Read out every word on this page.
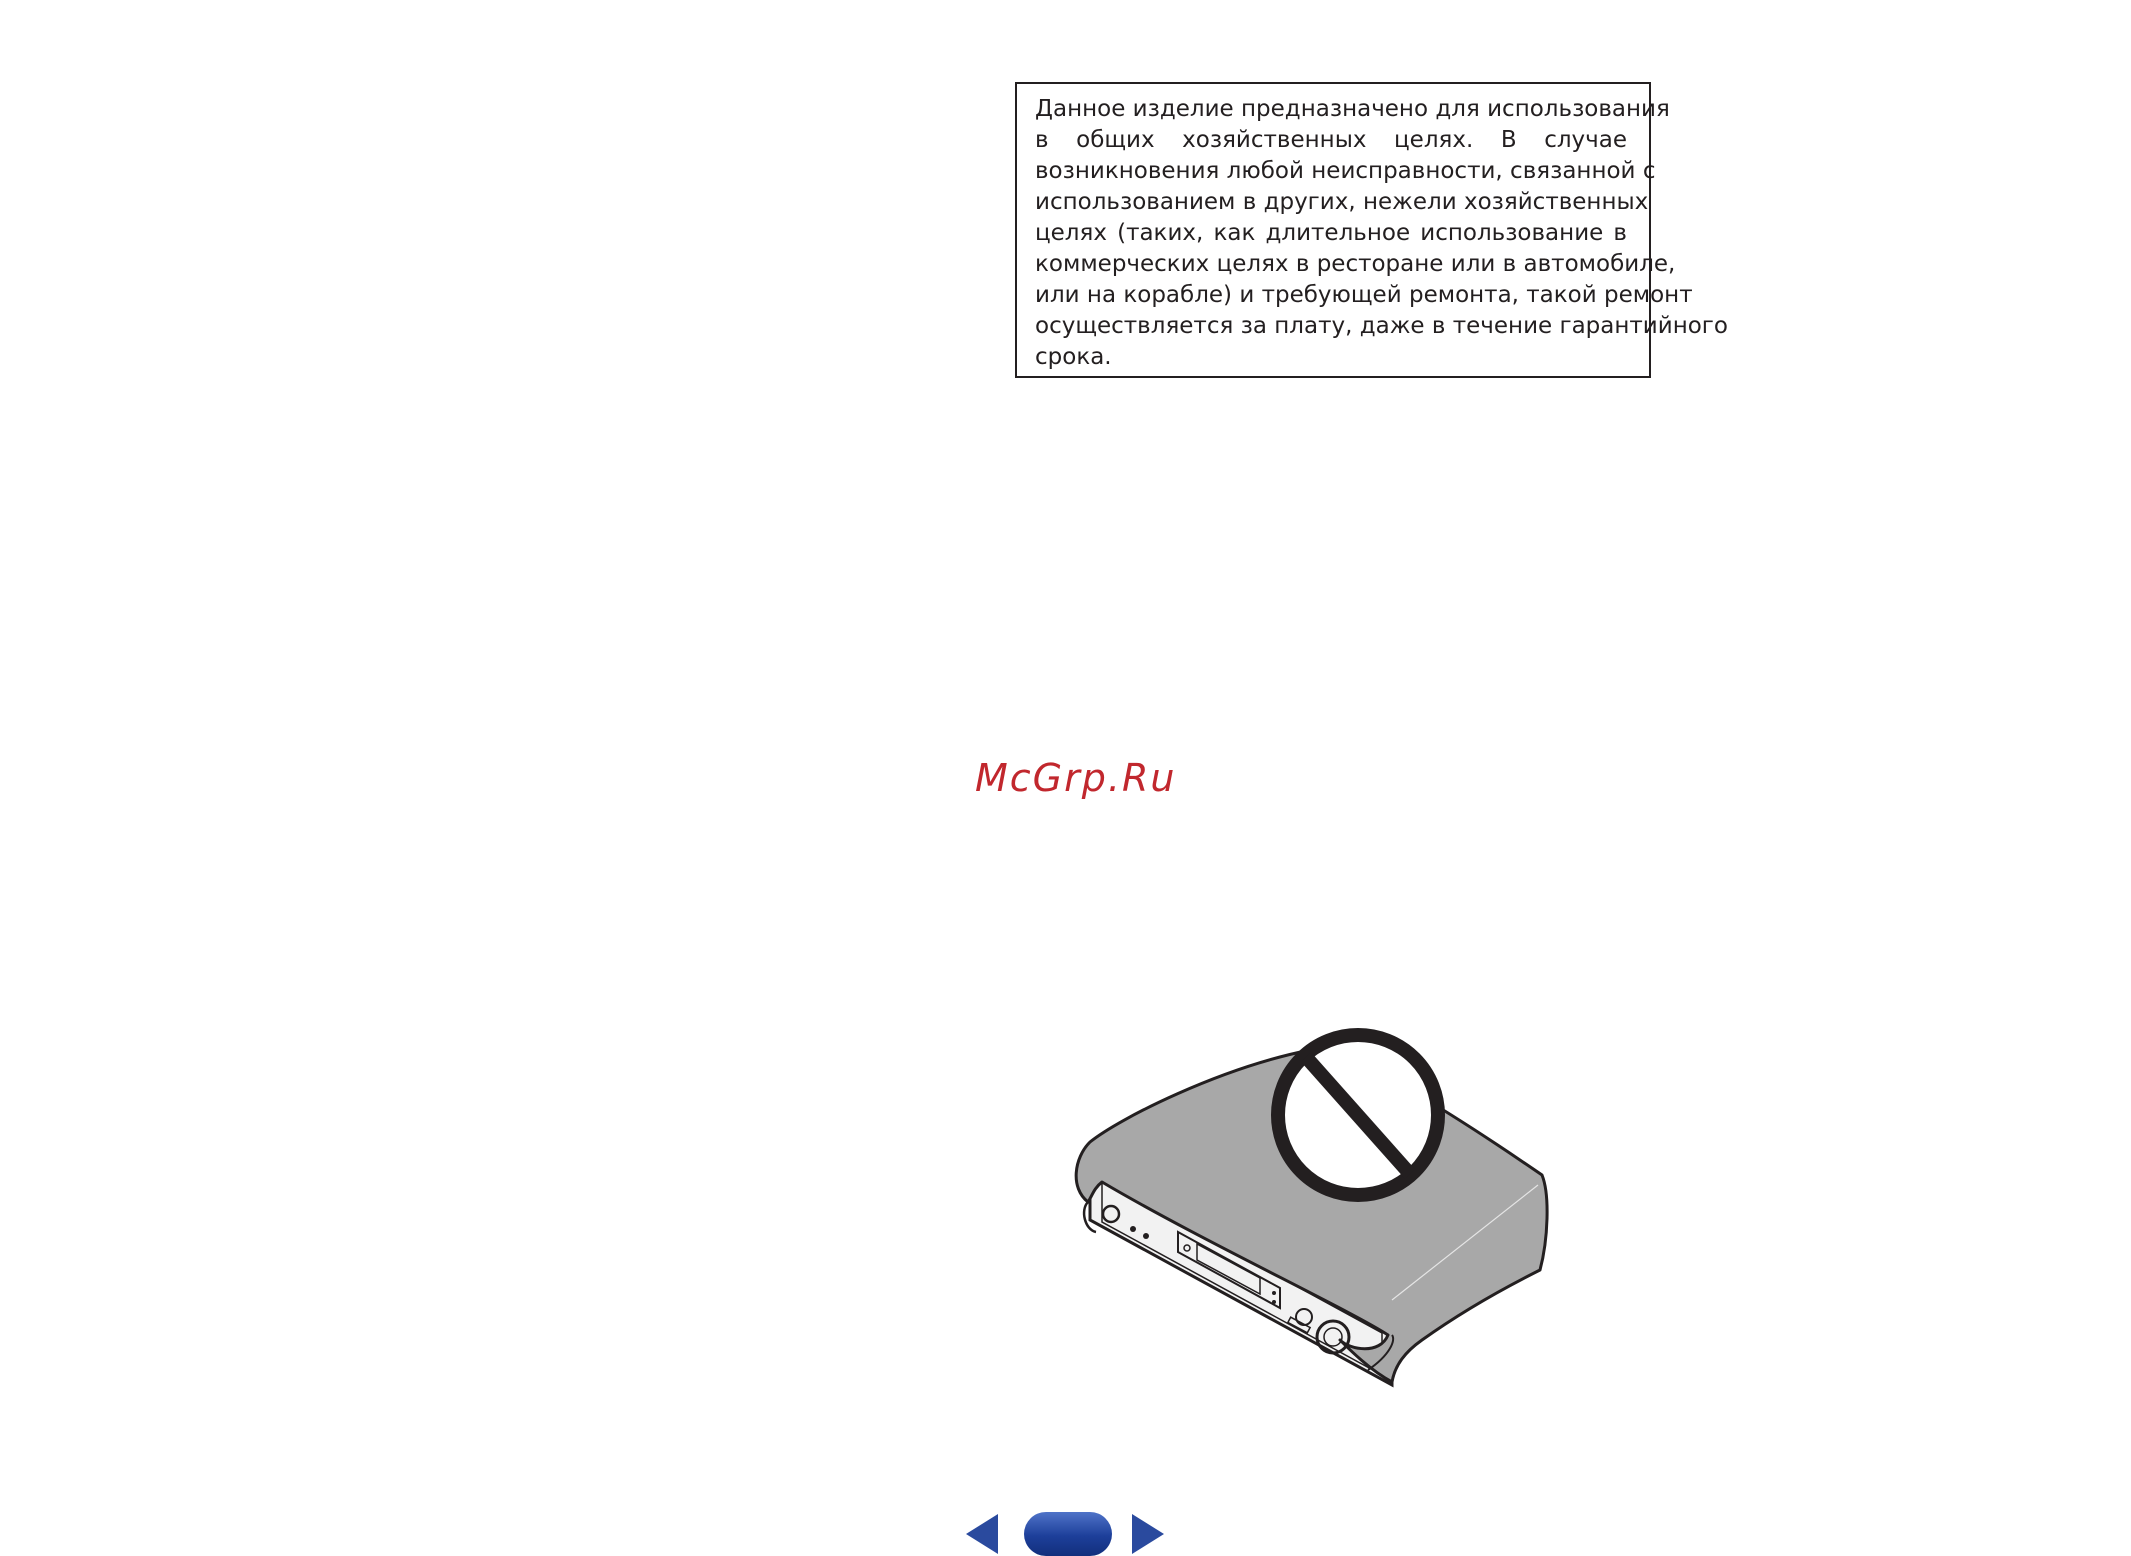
Данное изделие предназначено для использования
в общих хозяйственных целях. В случае
возникновения любой неисправности, связанной с
использованием в других, нежели хозяйственных
целях (таких, как длительное использование в
коммерческих целях в ресторане или в автомобиле,
или на корабле) и требующей ремонта, такой ремонт
осуществляется за плату, даже в течение гарантийного
срока.
McGrp.Ru
